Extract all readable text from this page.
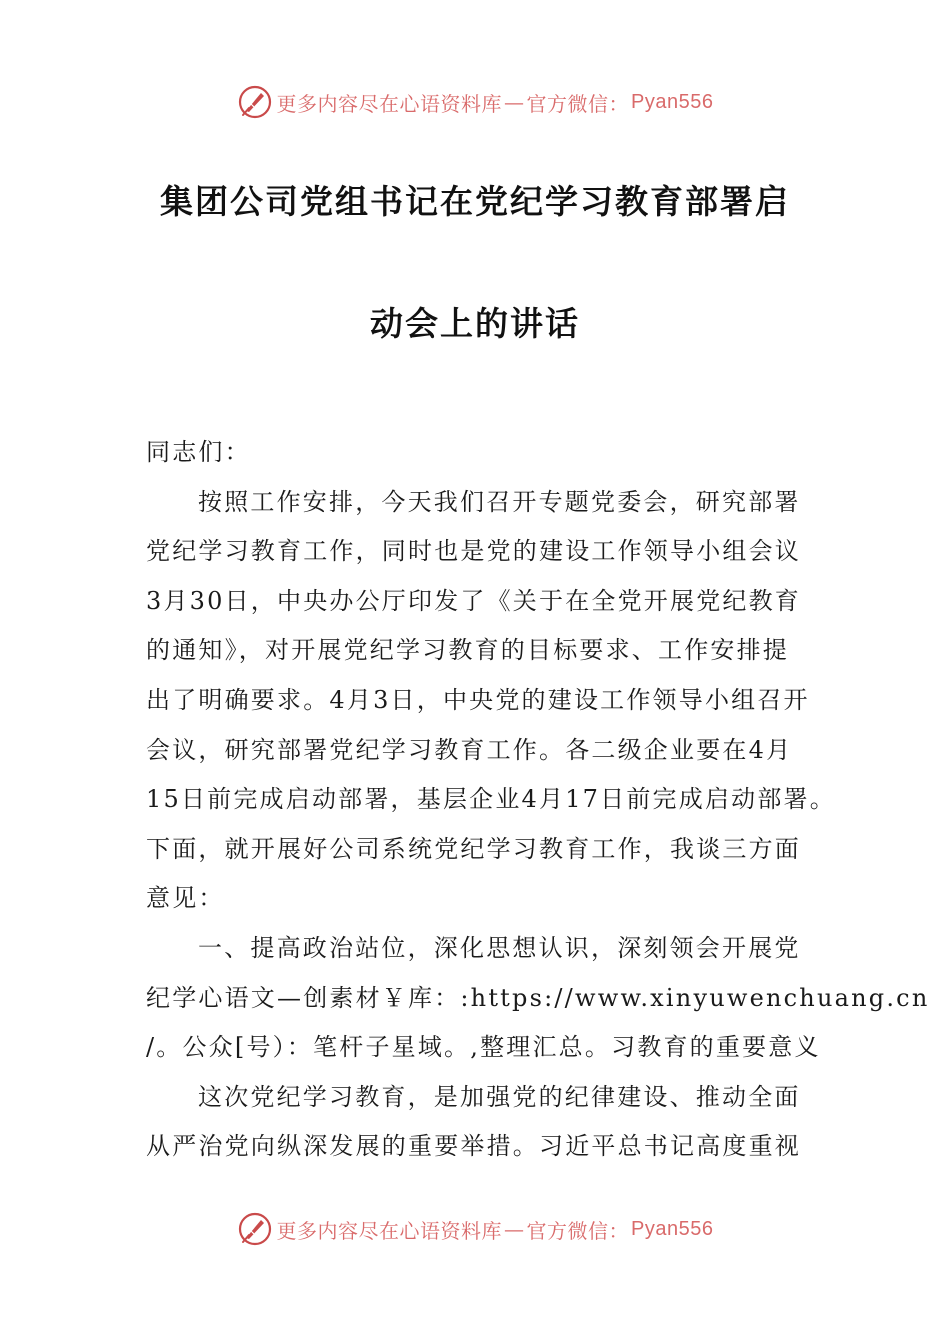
更多内容尽在心语资料库 — 官方微信： Pyan556
集团公司党组书记在党纪学习教育部署启
动会上的讲话
同志们：
按照工作安排，今天我们召开专题党委会，研究部署
党纪学习教育工作，同时也是党的建设工作领导小组会议
3月30日，中央办公厅印发了《关于在全党开展党纪教育
的通知》，对开展党纪学习教育的目标要求、工作安排提
出了明确要求。4月3日，中央党的建设工作领导小组召开
会议，研究部署党纪学习教育工作。各二级企业要在4月
15日前完成启动部署，基层企业4月17日前完成启动部署。
下面，就开展好公司系统党纪学习教育工作，我谈三方面
意见：
一、提高政治站位，深化思想认识，深刻领会开展党
纪学心语文—创素材￥库：:https://www.xinyuwenchuang.cn
/。公众[号）：笔杆子星域。,整理汇总。习教育的重要意义
这次党纪学习教育，是加强党的纪律建设、推动全面
从严治党向纵深发展的重要举措。习近平总书记高度重视
更多内容尽在心语资料库 — 官方微信： Pyan556
